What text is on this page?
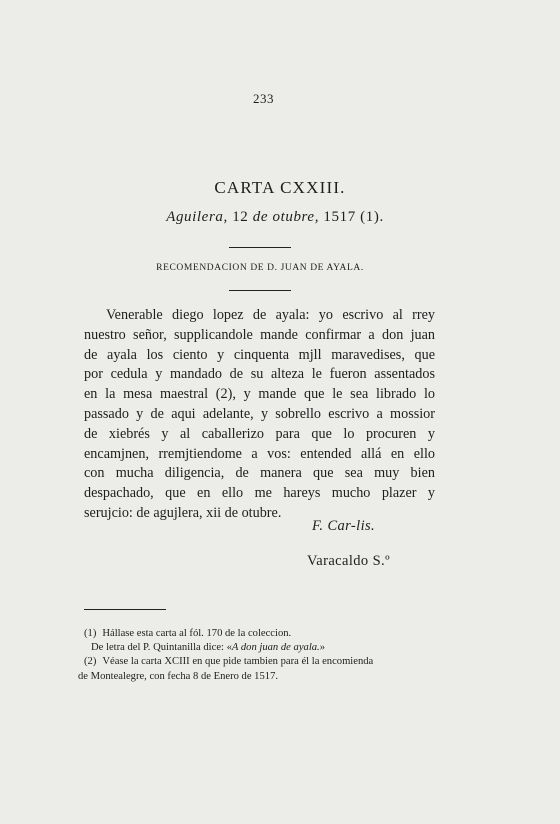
233
CARTA CXXIII.
Aguilera, 12 de otubre, 1517 (1).
RECOMENDACION DE D. JUAN DE AYALA.
Venerable diego lopez de ayala: yo escrivo al rrey
nuestro señor, supplicandole mande confirmar a don juan
de ayala los ciento y cinquenta mjll maravedises, que
por cedula y mandado de su alteza le fueron assentados
en la mesa maestral (2), y mande que le sea librado lo
passado y de aqui adelante, y sobrello escrivo a mossior
de xiebrés y al caballerizo para que lo procuren y
encamjnen, rremjtiendome a vos: entended allá en ello
con mucha diligencia, de manera que sea muy bien
despachado, que en ello me hareys mucho plazer y
serujcio: de agujlera, xii de otubre.
F. Car-lis.
Varacaldo S.º
(1) Hállase esta carta al fól. 170 de la coleccion.
De letra del P. Quintanilla dice: «A don juan de ayala.»
(2) Véase la carta XCIII en que pide tambien para él la encomienda
de Montealegre, con fecha 8 de Enero de 1517.
